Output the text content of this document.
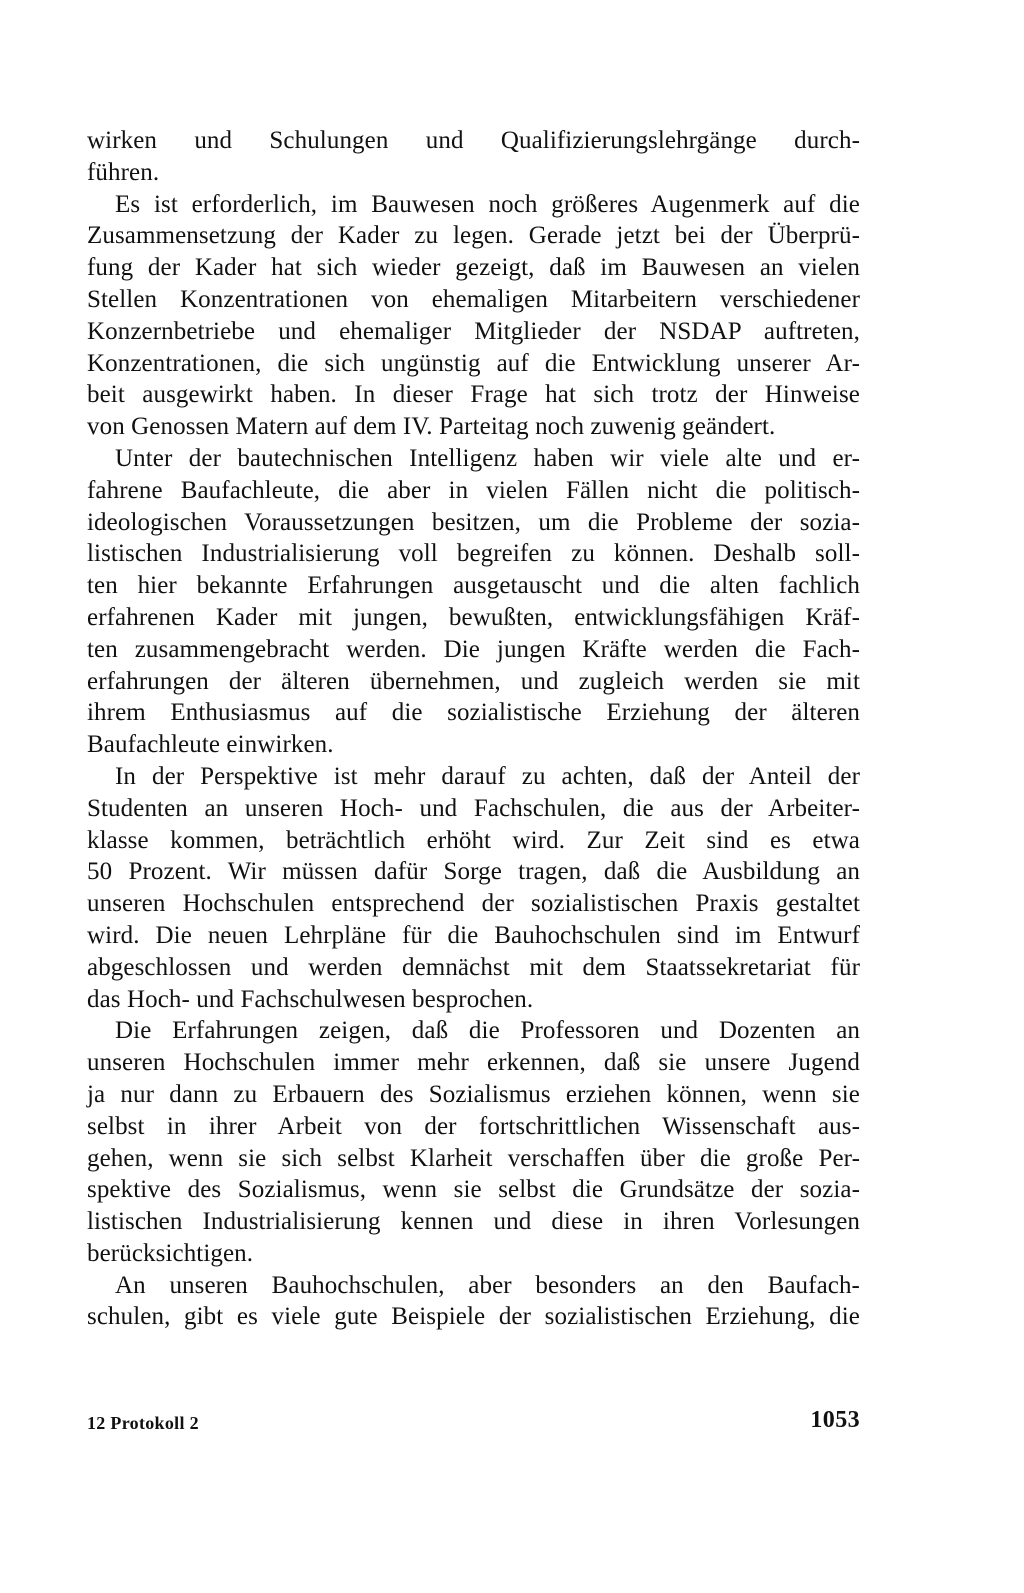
wirken und Schulungen und Qualifizierungslehrgänge durch-
führen.
Es ist erforderlich, im Bauwesen noch größeres Augenmerk auf die
Zusammensetzung der Kader zu legen. Gerade jetzt bei der Überprü-
fung der Kader hat sich wieder gezeigt, daß im Bauwesen an vielen
Stellen Konzentrationen von ehemaligen Mitarbeitern verschiedener
Konzernbetriebe und ehemaliger Mitglieder der NSDAP auftreten,
Konzentrationen, die sich ungünstig auf die Entwicklung unserer Ar-
beit ausgewirkt haben. In dieser Frage hat sich trotz der Hinweise
von Genossen Matern auf dem IV. Parteitag noch zuwenig geändert.
Unter der bautechnischen Intelligenz haben wir viele alte und er-
fahrene Baufachleute, die aber in vielen Fällen nicht die politisch-
ideologischen Voraussetzungen besitzen, um die Probleme der sozia-
listischen Industrialisierung voll begreifen zu können. Deshalb soll-
ten hier bekannte Erfahrungen ausgetauscht und die alten fachlich
erfahrenen Kader mit jungen, bewußten, entwicklungsfähigen Kräf-
ten zusammengebracht werden. Die jungen Kräfte werden die Fach-
erfahrungen der älteren übernehmen, und zugleich werden sie mit
ihrem Enthusiasmus auf die sozialistische Erziehung der älteren
Baufachleute einwirken.
In der Perspektive ist mehr darauf zu achten, daß der Anteil der
Studenten an unseren Hoch- und Fachschulen, die aus der Arbeiter-
klasse kommen, beträchtlich erhöht wird. Zur Zeit sind es etwa
50 Prozent. Wir müssen dafür Sorge tragen, daß die Ausbildung an
unseren Hochschulen entsprechend der sozialistischen Praxis gestaltet
wird. Die neuen Lehrpläne für die Bauhochschulen sind im Entwurf
abgeschlossen und werden demnächst mit dem Staatssekretariat für
das Hoch- und Fachschulwesen besprochen.
Die Erfahrungen zeigen, daß die Professoren und Dozenten an
unseren Hochschulen immer mehr erkennen, daß sie unsere Jugend
ja nur dann zu Erbauern des Sozialismus erziehen können, wenn sie
selbst in ihrer Arbeit von der fortschrittlichen Wissenschaft aus-
gehen, wenn sie sich selbst Klarheit verschaffen über die große Per-
spektive des Sozialismus, wenn sie selbst die Grundsätze der sozia-
listischen Industrialisierung kennen und diese in ihren Vorlesungen
berücksichtigen.
An unseren Bauhochschulen, aber besonders an den Baufach-
schulen, gibt es viele gute Beispiele der sozialistischen Erziehung, die
12 Protokoll 2	1053
